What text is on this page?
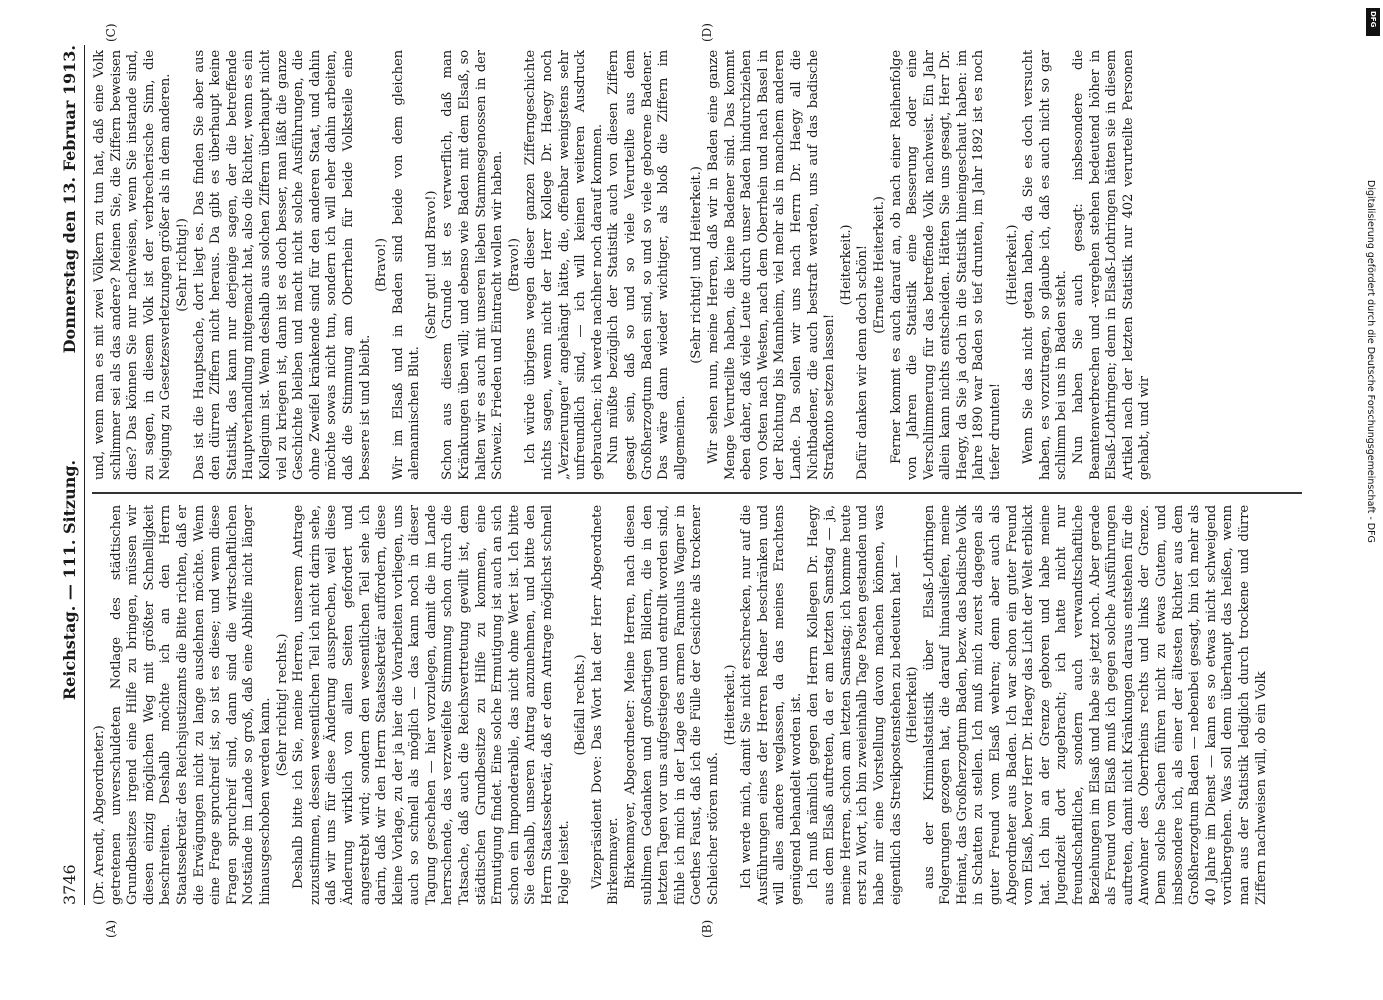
3746
Reichstag. — 111. Sitzung.
Donnerstag den 13. Februar 1913.
(A)	(B)
(C)	(D)

(Dr. Arendt, Abgeordneter.) getretenen unverschuldeten Notlage des städtischen Grundbesitzes irgend eine Hilfe zu bringen, müssen wir diesen einzig möglichen Weg mit größter Schnelligkeit beschreiten. Deshalb möchte ich an den Herrn Staatssekretär des Reichsjustizamts die Bitte richten, daß er die Erwägungen nicht zu lange ausdehnen möchte. Wenn eine Frage spruchreif ist, so ist es diese; und wenn diese Fragen spruchreif sind, dann sind die wirtschaftlichen Notstände im Lande so groß, daß eine Abhilfe nicht länger hinausgeschoben werden kann. (Sehr richtig! rechts.) Deshalb bitte ich Sie, meine Herren, unserem Antrage zuzustimmen, dessen wesentlichen Teil ich nicht darin sehe, daß wir uns für diese Änderung aussprechen, weil diese Änderung wirklich von allen Seiten gefordert und angestrebt wird; sondern den wesentlichen Teil sehe ich darin, daß wir den Herrn Staatssekretär auffordern, diese kleine Vorlage, zu der ja hier die Vorarbeiten vorliegen, uns auch so schnell als möglich — das kann noch in dieser Tagung geschehen — hier vorzulegen, damit die im Lande herrschende, das verzweifelte Stimmung schon durch die Tatsache, daß auch die Reichsvertretung gewillt ist, dem städtischen Grundbesitze zu Hilfe zu kommen, eine Ermutigung findet. Eine solche Ermutigung ist auch an sich schon ein Imponderabile, das nicht ohne Wert ist. Ich bitte Sie deshalb, unseren Antrag anzunehmen, und bitte den Herrn Staatssekretär, daß er dem Antrage möglichst schnell Folge leistet.

(Beifall rechts.) Vizepräsident Dove: Das Wort hat der Herr Abgeordnete Birkenmayer. Birkenmayer, Abgeordneter: Meine Herren, nach diesen sublimen Gedanken und großartigen Bildern, die in den letzten Tagen vor uns aufgestiegen und entrollt worden sind, fühle ich mich in der Lage des armen Famulus Wagner in Goethes Faust, daß ich die Fülle der Gesichte als trockener Schleicher stören muß.

(Heiterkeit.) Ich werde mich, damit Sie nicht erschrecken, nur auf die Ausführungen eines der Herren Redner beschränken und will alles andere weglassen, da das meines Erachtens genügend behandelt worden ist. Ich muß nämlich gegen den Herrn Kollegen Dr. Haegy aus dem Elsaß auftreten, da er am letzten Samstag — ja, meine Herren, schon am letzten Samstag; ich komme heute erst zu Wort, ich bin zweieinhalb Tage Posten gestanden und habe mir eine Vorstellung davon machen können, was eigentlich das Streikpostenstehen zu bedeuten hat — (Heiterkeit) aus der Kriminalstatistik über Elsaß-Lothringen Folgerungen gezogen hat, die darauf hinausliefen, meine Heimat, das Großherzogtum Baden, bezw. das badische Volk in Schatten zu stellen. Ich muß mich zuerst dagegen als guter Freund vom Elsaß wehren; denn aber auch als Abgeordneter aus Baden. Ich war schon ein guter Freund vom Elsaß, bevor Herr Dr. Haegy das Licht der Welt erblickt hat. Ich bin an der Grenze geboren und habe meine Jugendzeit dort zugebracht; ich hatte nicht nur freundschaftliche, sondern auch verwandtschaftliche Beziehungen im Elsaß und habe sie jetzt noch. Aber gerade als Freund vom Elsaß muß ich gegen solche Ausführungen auftreten, damit nicht Kränkungen daraus entstehen für die Anwohner des Oberrheins rechts und links der Grenze. Denn solche Sachen führen nicht zu etwas Gutem, und insbesondere ich, als einer der ältesten Richter aus dem Großherzogtum Baden — nebenbei gesagt, bin ich mehr als 40 Jahre im Dienst — kann es so etwas nicht schweigend vorübergehen. Was soll denn überhaupt das heißen, wenn man aus der Statistik lediglich durch trockene und dürre Ziffern nachweisen will, ob ein Volk

und, wenn man es mit zwei Völkern zu tun hat, daß eine Volk schlimmer sei als das andere? Meinen Sie, die Ziffern beweisen dies? Das können Sie nur nachweisen, wenn Sie instande sind, zu sagen, in diesem Volk ist der verbrecherische Sinn, die Neigung zu Gesetzesverletzungen größer als in dem anderen. (Sehr richtig!) Das ist die Hauptsache, dort liegt es. Das finden Sie aber aus den dürren Ziffern nicht heraus. Da gibt es überhaupt keine Statistik, das kann nur derjenige sagen, der die betreffende Hauptverhandlung mitgemacht hat, also die Richter, wenn es ein Kollegium ist. Wenn deshalb aus solchen Ziffern überhaupt nicht viel zu kriegen ist, dann ist es doch besser, man läßt die ganze Geschichte bleiben und macht nicht solche Ausführungen, die ohne Zweifel kränkende sind für den anderen Staat, und dahin möchte sowas nicht tun, sondern ich will eher dahin arbeiten, daß die Stimmung am Oberrhein für beide Volksteile eine bessere ist und bleibt.

(Bravo!) Wir im Elsaß und in Baden sind beide von dem gleichen alemannischen Blut.

(Sehr gut! und Bravo!) Schon aus diesem Grunde ist es verwerflich, daß man Kränkungen üben will; und ebenso wie Baden mit dem Elsaß, so halten wir es auch mit unseren lieben Stammesgenossen in der Schweiz. Frieden und Eintracht wollen wir haben. (Bravo!) Ich würde übrigens wegen dieser ganzen Zifferngeschichte nichts sagen, wenn nicht der Herr Kollege Dr. Haegy noch „Verzierungen“ angehängt hätte, die, offenbar wenigstens sehr unfreundlich sind, — ich will keinen weiteren Ausdruck gebrauchen; ich werde nachher noch darauf kommen. Nun müßte bezüglich der Statistik auch von diesen Ziffern gesagt sein, daß so und so viele Verurteilte aus dem Großherzogtum Baden sind, so und so viele geborene Badener. Das wäre dann wieder wichtiger, als bloß die Ziffern im allgemeinen.

(Sehr richtig! und Heiterkeit.) Wir sehen nun, meine Herren, daß wir in Baden eine ganze Menge Verurteilte haben, die keine Badener sind. Das kommt eben daher, daß viele Leute durch unser Baden hindurchziehen von Osten nach Westen, nach dem Oberrhein und nach Basel in der Richtung bis Mannheim, viel mehr als in manchem anderen Lande. Da sollen wir uns nach Herrn Dr. Haegy all die Nichtbadener, die auch bestraft werden, uns auf das badische Strafkonto setzen lassen!

(Heiterkeit.) Dafür danken wir denn doch schön! (Erneute Heiterkeit.) Ferner kommt es auch darauf an, ob nach einer Reihenfolge von Jahren die Statistik eine Besserung oder eine Verschlimmerung für das betreffende Volk nachweist. Ein Jahr allein kann nichts entscheiden. Hätten Sie uns gesagt, Herr Dr. Haegy, da Sie ja doch in die Statistik hineingeschaut haben: im Jahre 1890 war Baden so tief drunten, im Jahr 1892 ist es noch tiefer drunten!

(Heiterkeit.) Wenn Sie das nicht getan haben, da Sie es doch versucht haben, es vorzutragen, so glaube ich, daß es auch nicht so gar schlimm bei uns in Baden steht. Nun haben Sie auch gesagt: insbesondere die Beamtenverbrechen und -vergehen stehen bedeutend höher in Elsaß-Lothringen; denn in Elsaß-Lothringen hätten sie in diesem Artikel nach der letzten Statistik nur 402 verurteilte Personen gehabt, und wir

DFG
Digitalisierung gefördert durch die Deutsche Forschungsgemeinschaft - DFG
